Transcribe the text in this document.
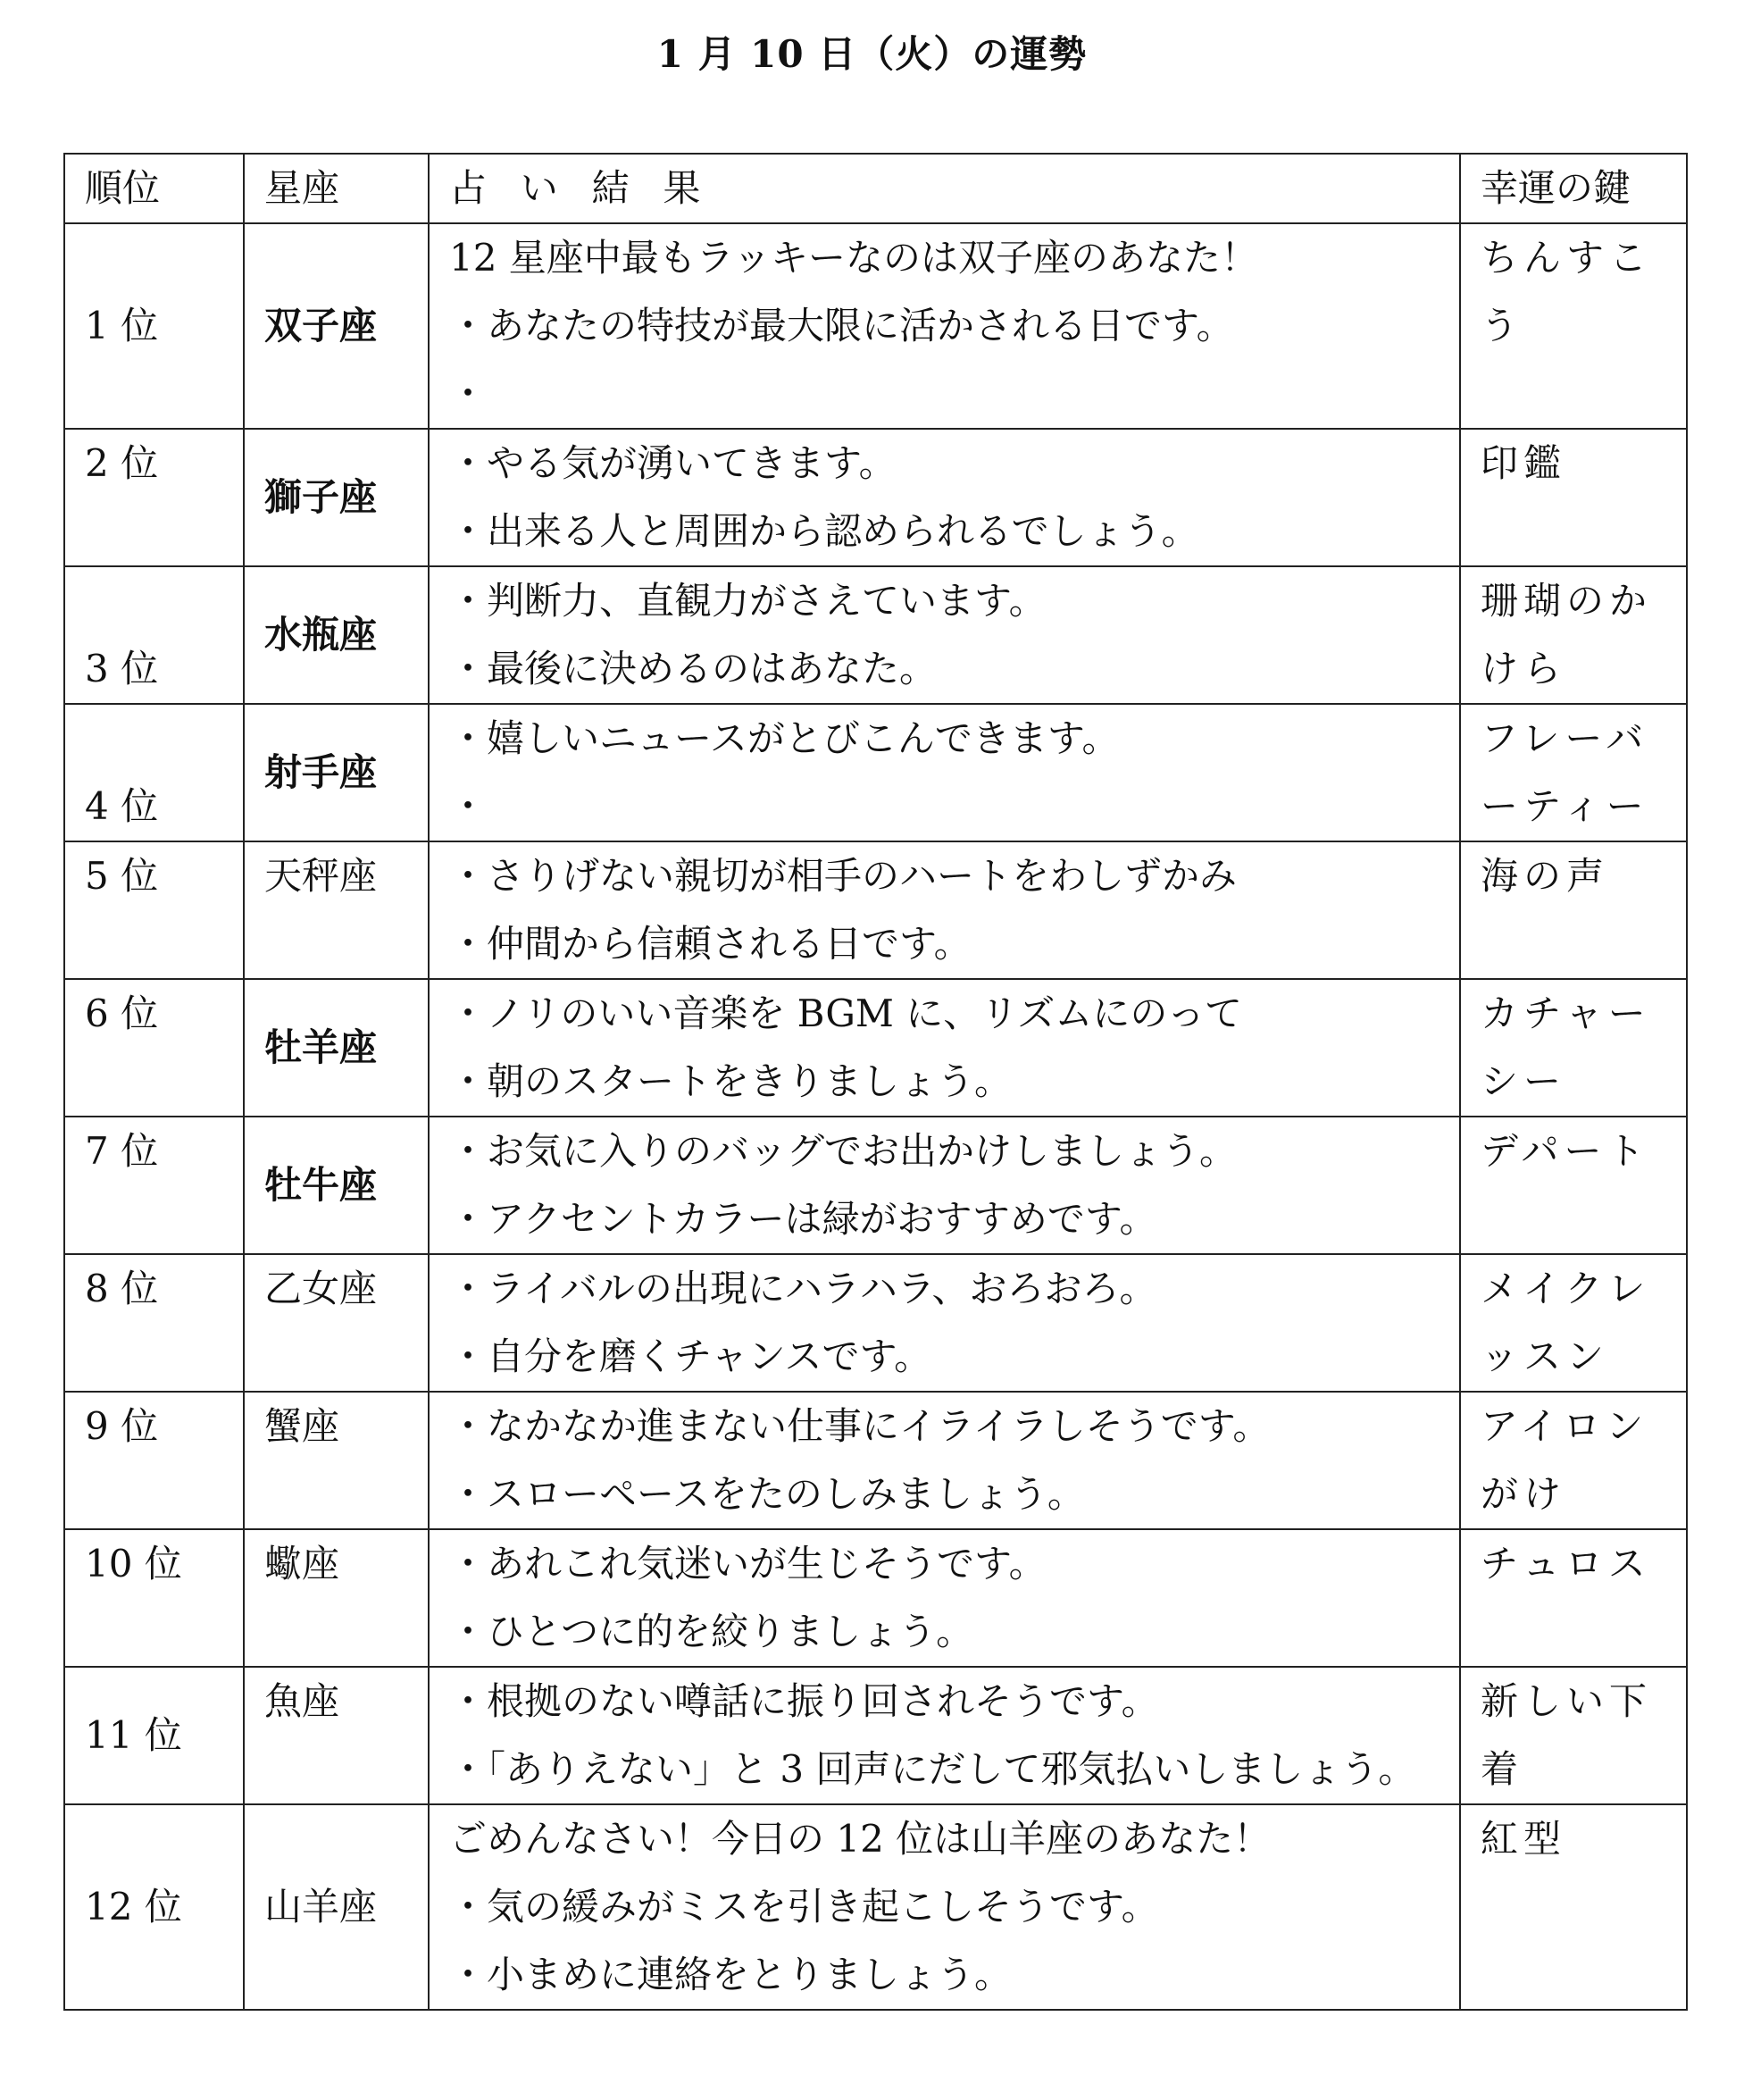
1 月 10 日（火）の運勢
順位	星座	占い結果	幸運の鍵
1 位	双子座	12 星座中最もラッキーなのは双子座のあなた！
・あなたの特技が最大限に活かされる日です。
・	ちんすこう
2 位	獅子座	・やる気が湧いてきます。
・出来る人と周囲から認められるでしょう。	印鑑
3 位	水瓶座	・判断力、直観力がさえています。
・最後に決めるのはあなた。	珊瑚のかけら
4 位	射手座	・嬉しいニュースがとびこんできます。
・	フレーバーティー
5 位	天秤座	・さりげない親切が相手のハートをわしずかみ
・仲間から信頼される日です。	海の声
6 位	牡羊座	・ノリのいい音楽を BGM に、リズムにのって
・朝のスタートをきりましょう。	カチャーシー
7 位	牡牛座	・お気に入りのバッグでお出かけしましょう。
・アクセントカラーは緑がおすすめです。	デパート
8 位	乙女座	・ライバルの出現にハラハラ、おろおろ。
・自分を磨くチャンスです。	メイクレッスン
9 位	蟹座	・なかなか進まない仕事にイライラしそうです。
・スローペースをたのしみましょう。	アイロンがけ
10 位	蠍座	・あれこれ気迷いが生じそうです。
・ひとつに的を絞りましょう。	チュロス
11 位	魚座	・根拠のない噂話に振り回されそうです。
・「ありえない」と 3 回声にだして邪気払いしましょう。	新しい下着
12 位	山羊座	ごめんなさい！今日の 12 位は山羊座のあなた！
・気の緩みがミスを引き起こしそうです。
・小まめに連絡をとりましょう。	紅型
